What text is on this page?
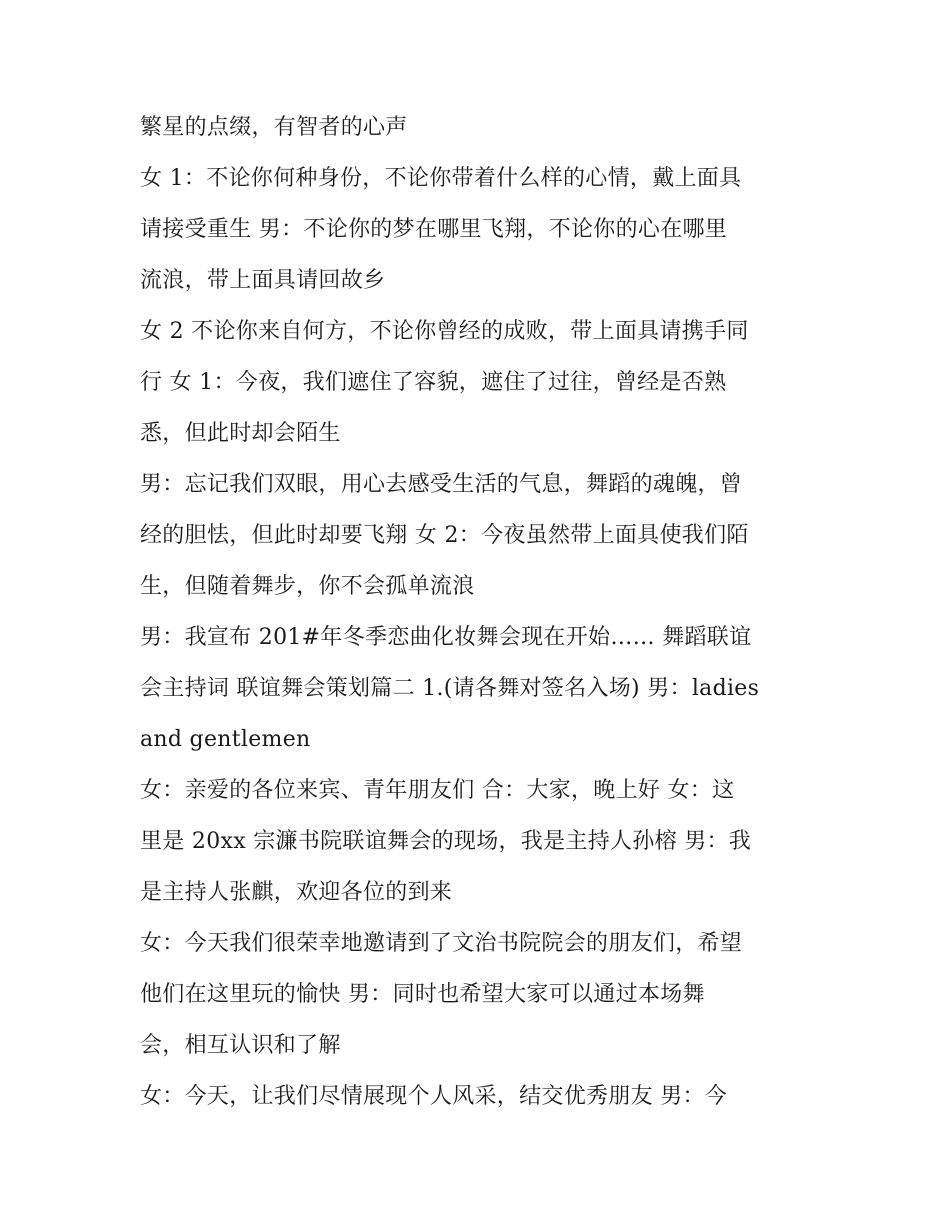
繁星的点缀，有智者的心声
女 1：不论你何种身份，不论你带着什么样的心情，戴上面具
请接受重生 男：不论你的梦在哪里飞翔，不论你的心在哪里
流浪，带上面具请回故乡
女 2 不论你来自何方，不论你曾经的成败，带上面具请携手同
行 女 1：今夜，我们遮住了容貌，遮住了过往，曾经是否熟
悉，但此时却会陌生
男：忘记我们双眼，用心去感受生活的气息，舞蹈的魂魄，曾
经的胆怯，但此时却要飞翔 女 2：今夜虽然带上面具使我们陌
生，但随着舞步，你不会孤单流浪
男：我宣布 201#年冬季恋曲化妆舞会现在开始…… 舞蹈联谊
会主持词 联谊舞会策划篇二 1.(请各舞对签名入场) 男：ladies
and gentlemen
女：亲爱的各位来宾、青年朋友们 合：大家，晚上好 女：这
里是 20xx 宗濂书院联谊舞会的现场，我是主持人孙榕 男：我
是主持人张麒，欢迎各位的到来
女：今天我们很荣幸地邀请到了文治书院院会的朋友们，希望
他们在这里玩的愉快 男：同时也希望大家可以通过本场舞
会，相互认识和了解
女：今天，让我们尽情展现个人风采，结交优秀朋友 男：今
